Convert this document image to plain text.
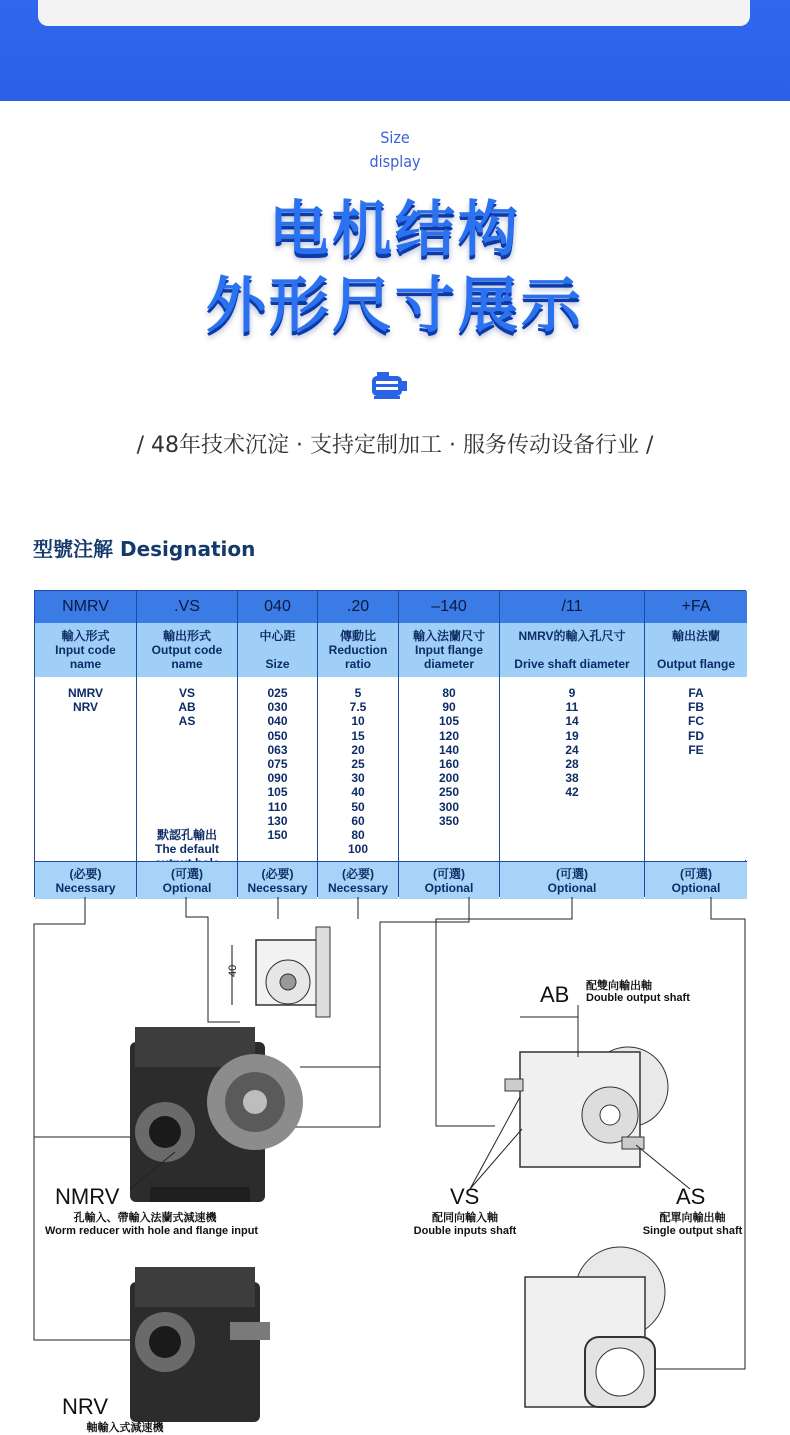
Size
display
电机结构
外形尺寸展示
/ 48年技术沉淀 · 支持定制加工 · 服务传动设备行业 /
型號注解 Designation
NMRV
輸入形式
Input code
name
NMRV
NRV
(必要)
Necessary
.VS
輸出形式
Output code
name
VS
AB
AS
默認孔輸出
The default
(可選)
Optional
040
中心距
Size
025
030
040
050
063
075
090
105
110
130
150
(必要)
Necessary
.20
傳動比
Reduction
ratio
5
7.5
10
15
20
25
30
40
50
60
80
100
(必要)
Necessary
–140
輸入法蘭尺寸
Input flange
diameter
80
90
105
120
140
160
200
250
300
350
(可選)
Optional
/11
NMRV的輸入孔尺寸
Drive shaft diameter
9
11
14
19
24
28
38
42
(可選)
Optional
+FA
輸出法蘭
Output flange
FA
FB
FC
FD
FE
(可選)
Optional
40
AB 配雙向輸出軸
Double output shaft
NMRV
孔輸入、帶輸入法蘭式減速機
Worm reducer with hole and flange input
VS
配同向輸入軸
Double inputs shaft
AS
配單向輸出軸
Single output shaft
NRV
軸輸入式減速機
